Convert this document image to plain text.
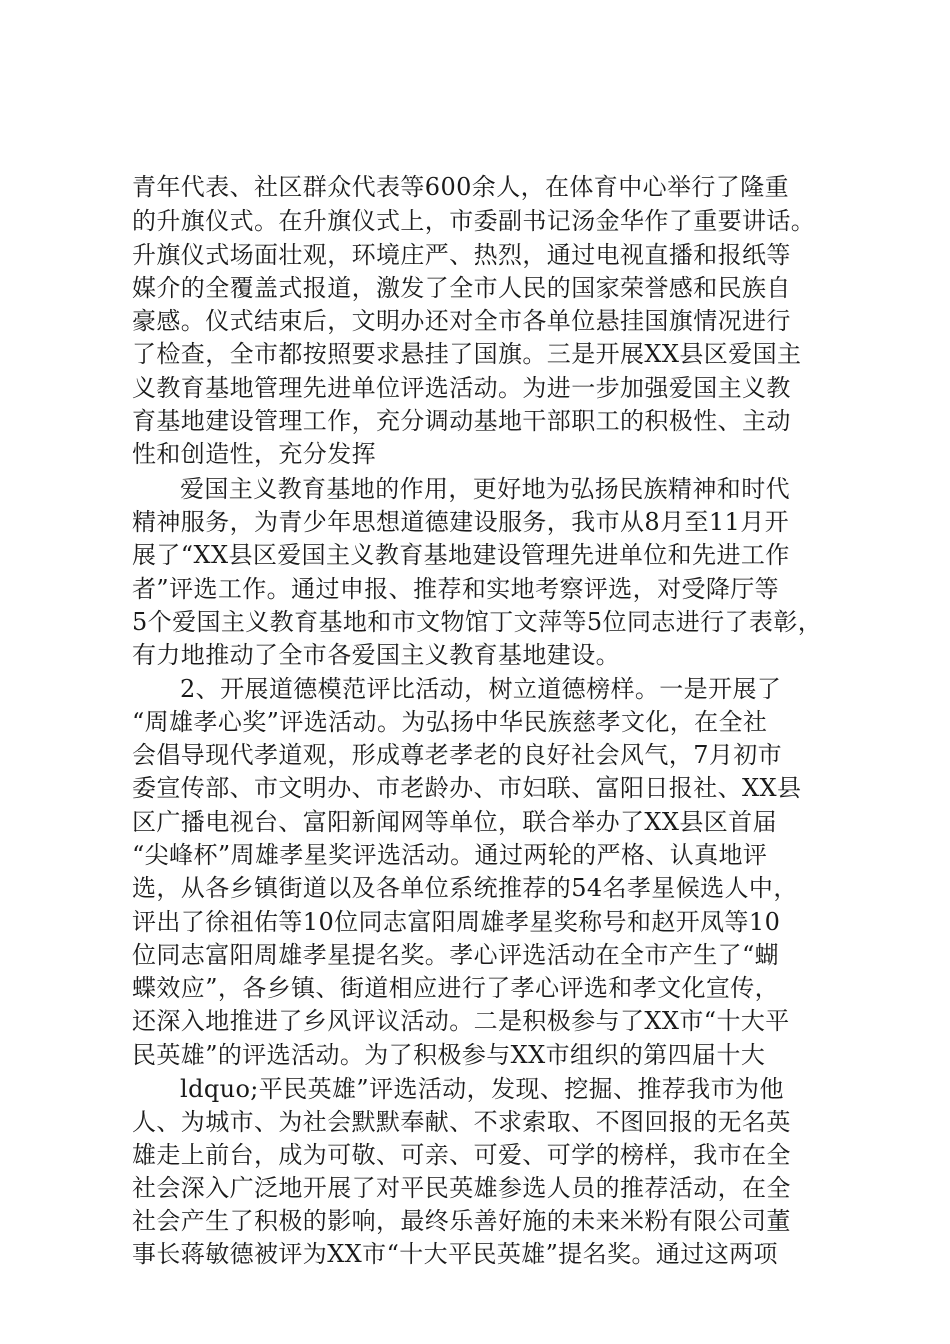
青年代表、社区群众代表等600余人，在体育中心举行了隆重
的升旗仪式。在升旗仪式上，市委副书记汤金华作了重要讲话。
升旗仪式场面壮观，环境庄严、热烈，通过电视直播和报纸等
媒介的全覆盖式报道，激发了全市人民的国家荣誉感和民族自
豪感。仪式结束后，文明办还对全市各单位悬挂国旗情况进行
了检查，全市都按照要求悬挂了国旗。三是开展XX县区爱国主
义教育基地管理先进单位评选活动。为进一步加强爱国主义教
育基地建设管理工作，充分调动基地干部职工的积极性、主动
性和创造性，充分发挥
爱国主义教育基地的作用，更好地为弘扬民族精神和时代
精神服务，为青少年思想道德建设服务，我市从8月至11月开
展了“XX县区爱国主义教育基地建设管理先进单位和先进工作
者”评选工作。通过申报、推荐和实地考察评选，对受降厅等
5个爱国主义教育基地和市文物馆丁文萍等5位同志进行了表彰，
有力地推动了全市各爱国主义教育基地建设。
2、开展道德模范评比活动，树立道德榜样。一是开展了
“周雄孝心奖”评选活动。为弘扬中华民族慈孝文化，在全社
会倡导现代孝道观，形成尊老孝老的良好社会风气，7月初市
委宣传部、市文明办、市老龄办、市妇联、富阳日报社、XX县
区广播电视台、富阳新闻网等单位，联合举办了XX县区首届
“尖峰杯”周雄孝星奖评选活动。通过两轮的严格、认真地评
选，从各乡镇街道以及各单位系统推荐的54名孝星候选人中，
评出了徐祖佑等10位同志富阳周雄孝星奖称号和赵开凤等10
位同志富阳周雄孝星提名奖。孝心评选活动在全市产生了“蝴
蝶效应”，各乡镇、街道相应进行了孝心评选和孝文化宣传，
还深入地推进了乡风评议活动。二是积极参与了XX市“十大平
民英雄”的评选活动。为了积极参与XX市组织的第四届十大
ldquo;平民英雄”评选活动，发现、挖掘、推荐我市为他
人、为城市、为社会默默奉献、不求索取、不图回报的无名英
雄走上前台，成为可敬、可亲、可爱、可学的榜样，我市在全
社会深入广泛地开展了对平民英雄参选人员的推荐活动，在全
社会产生了积极的影响，最终乐善好施的未来米粉有限公司董
事长蒋敏德被评为XX市“十大平民英雄”提名奖。通过这两项
